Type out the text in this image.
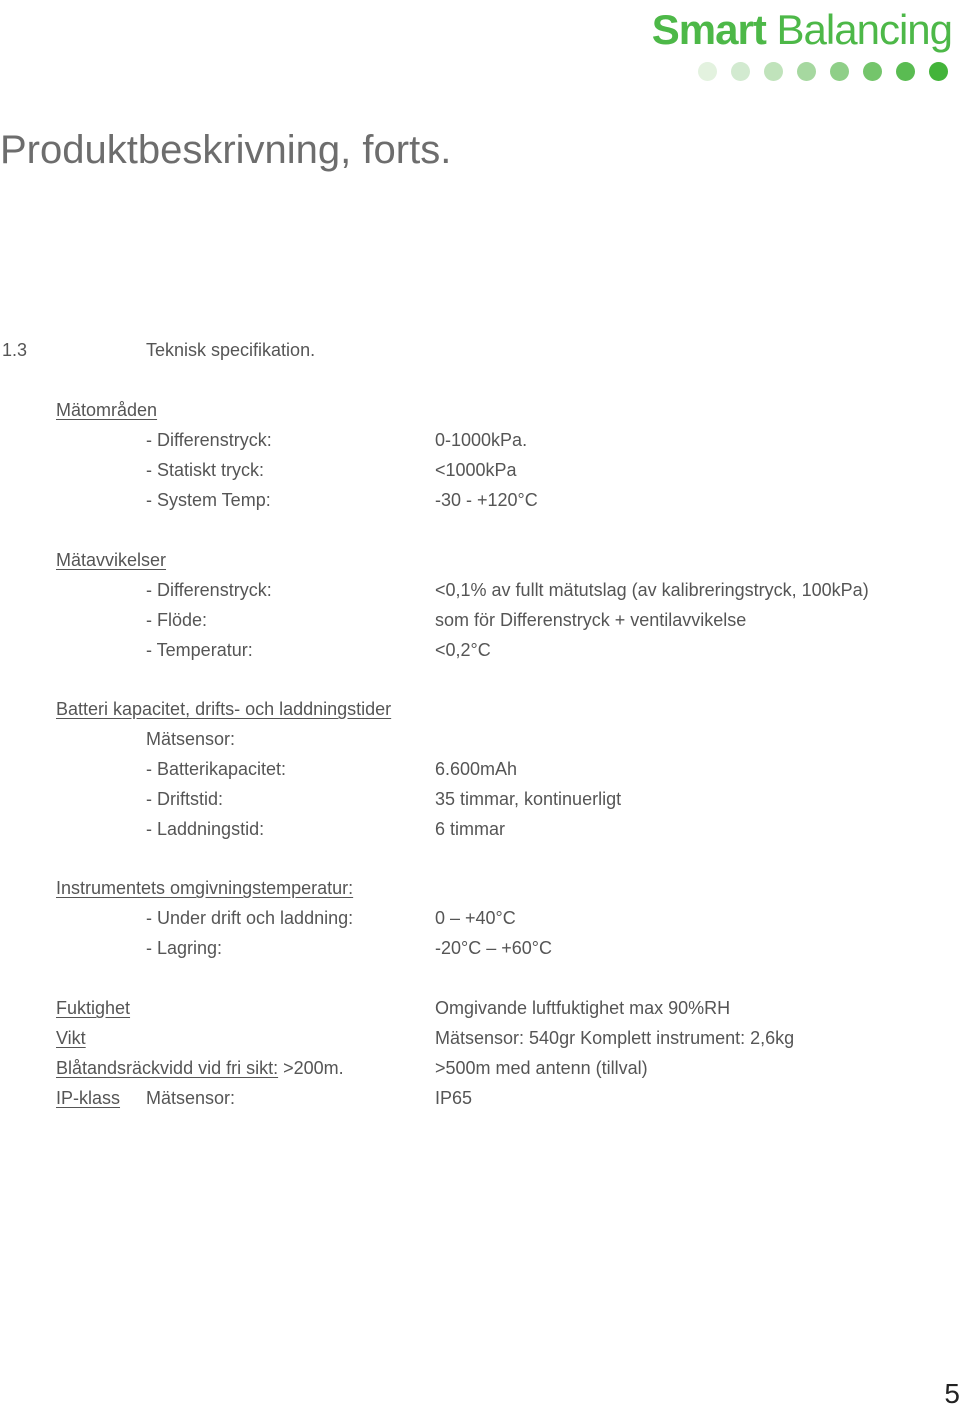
Smart Balancing
Produktbeskrivning, forts.
1.3	Teknisk specifikation.
Mätområden
- Differenstryck:	0-1000kPa.
- Statiskt tryck:	<1000kPa
- System Temp:	-30 - +120°C
Mätavvikelser
- Differenstryck:	<0,1% av fullt mätutslag (av kalibreringstryck, 100kPa)
- Flöde:	som för Differenstryck + ventilavvikelse
- Temperatur:	<0,2°C
Batteri kapacitet, drifts- och laddningstider
Mätsensor:
- Batterikapacitet:	6.600mAh
- Driftstid:	35 timmar, kontinuerligt
- Laddningstid:	6 timmar
Instrumentets omgivningstemperatur:
- Under drift och laddning:	0 – +40°C
- Lagring:	-20°C – +60°C
Fuktighet	Omgivande luftfuktighet max 90%RH
Vikt	Mätsensor: 540gr Komplett instrument: 2,6kg
Blåtandsräckvidd vid fri sikt: >200m.	>500m med antenn (tillval)
IP-klass Mätsensor:	IP65
5
